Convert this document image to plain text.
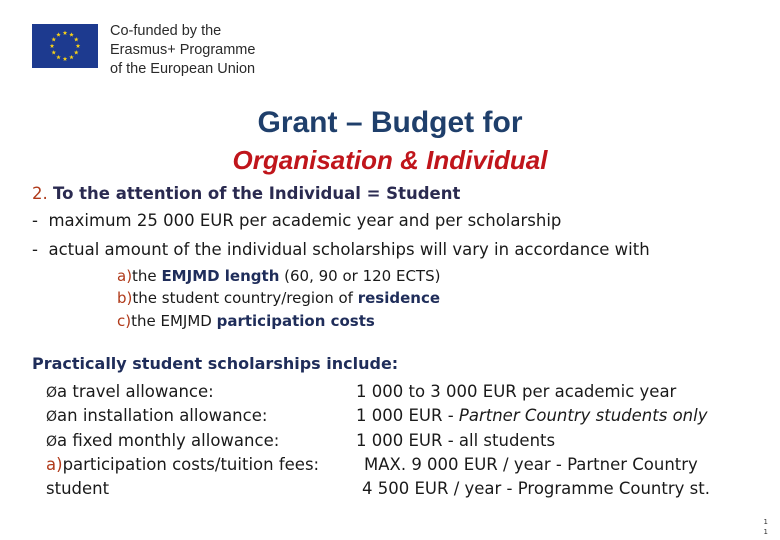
Co-funded by the
Erasmus+ Programme
of the European Union
Grant – Budget for
Organisation & Individual
2. To the attention of the Individual = Student
- maximum 25 000 EUR per academic year and per scholarship
- actual amount of the individual scholarships will vary in accordance with
a)the EMJMD length (60, 90 or 120 ECTS)
b)the student country/region of residence
c)the EMJMD participation costs
Practically student scholarships include:
Øa travel allowance:	1 000 to 3 000 EUR per academic year
Øan installation allowance:	1 000 EUR - Partner Country students only
Øa fixed monthly allowance:	1 000 EUR - all students
a)participation costs/tuition fees:	MAX. 9 000 EUR / year - Partner Country
student	4 500 EUR / year - Programme Country st.
1
1
